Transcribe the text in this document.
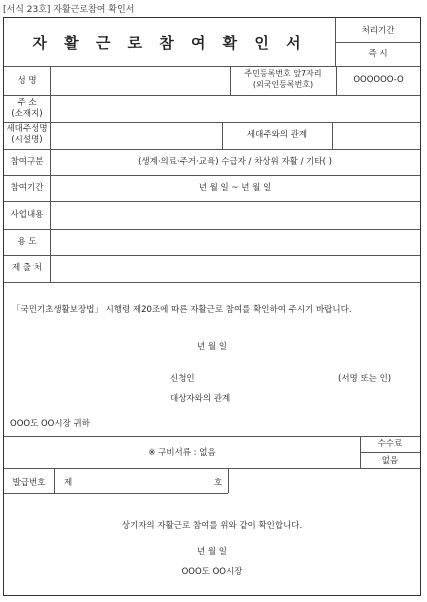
[서식 23호] 자활근로참여 확인서
자 활 근 로 참 여 확 인 서
처리기간
즉 시
성 명
주민등록번호 앞7자리
(외국인등록번호)	OOOOOO-O
주 소
(소재지)
세대주성명
(시설명)	세대주와의 관계
참여구분	(생계·의료·주거·교육) 수급자 / 차상위 자활 / 기타( )
참여기간	년 월 일 ~ 년 월 일
사업내용
용 도
제 출 처
「국민기초생활보장법」 시행령 제20조에 따른 자활근로 참여를 확인하여 주시기 바랍니다.
년 월 일
신청인	(서명 또는 인)
대상자와의 관계
OOO도 OO시장 귀하
※ 구비서류 : 없음
수수료
없음
발급번호	제	호
상기자의 자활근로 참여를 위와 같이 확인합니다.
년 월 일
OOO도 OO시장
